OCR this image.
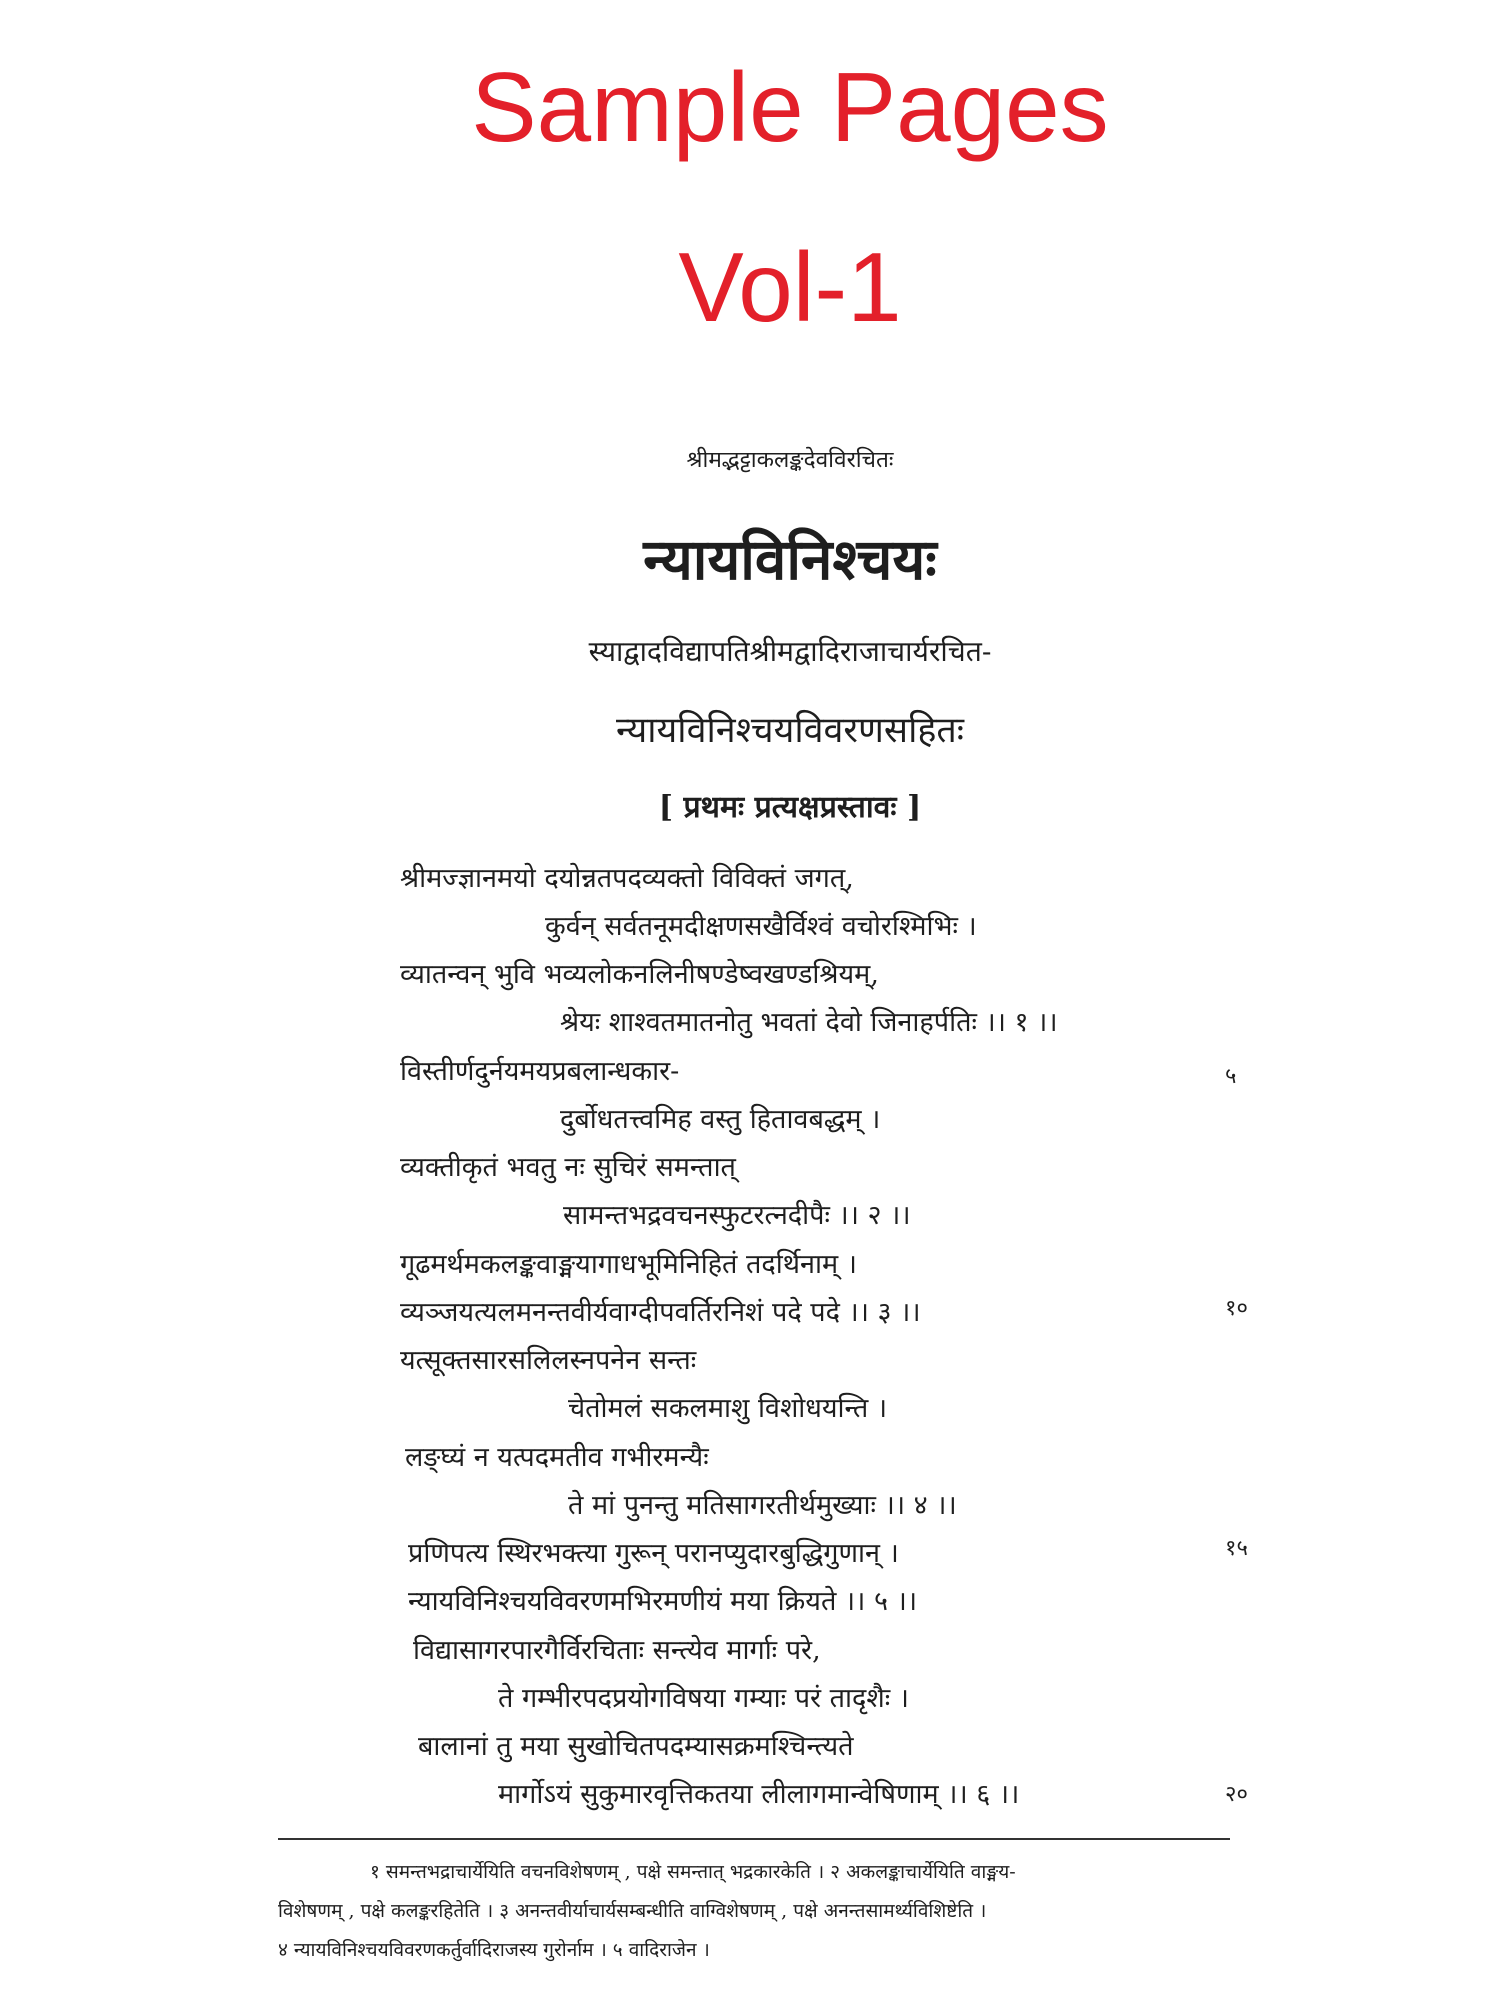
Sample Pages
Vol-1
श्रीमद्भट्टाकलङ्कदेवविरचितः
न्यायविनिश्चयः
स्याद्वादविद्यापतिश्रीमद्वादिराजाचार्यरचित-
न्यायविनिश्चयविवरणसहितः
[ प्रथमः प्रत्यक्षप्रस्तावः ]
श्रीमज्ज्ञानमयो दयोन्नतपदव्यक्तो विविक्तं जगत्,
कुर्वन् सर्वतनूमदीक्षणसखैर्विश्वं वचोरश्मिभिः ।
व्यातन्वन् भुवि भव्यलोकनलिनीषण्डेष्वखण्डश्रियम्,
श्रेयः शाश्वतमातनोतु भवतां देवो जिनाहर्पतिः ।। १ ।।
विस्तीर्णदुर्नयमयप्रबलान्धकार-
दुर्बोधतत्त्वमिह वस्तु हितावबद्धम् ।
व्यक्तीकृतं भवतु नः सुचिरं समन्तात्
सामन्तभद्रवचनस्फुटरत्नदीपैः ।। २ ।।
गूढमर्थमकलङ्कवाङ्मयागाधभूमिनिहितं तदर्थिनाम् ।
व्यञ्जयत्यलमनन्तवीर्यवाग्दीपवर्तिरनिशं पदे पदे ।। ३ ।।
यत्सूक्तसारसलिलस्नपनेन सन्तः
चेतोमलं सकलमाशु विशोधयन्ति ।
लङ्घ्यं न यत्पदमतीव गभीरमन्यैः
ते मां पुनन्तु मतिसागरतीर्थमुख्याः ।। ४ ।।
प्रणिपत्य स्थिरभक्त्या गुरून् परानप्युदारबुद्धिगुणान् ।
न्यायविनिश्चयविवरणमभिरमणीयं मया क्रियते ।। ५ ।।
विद्यासागरपारगैर्विरचिताः सन्त्येव मार्गाः परे,
ते गम्भीरपदप्रयोगविषया गम्याः परं तादृशैः ।
बालानां तु मया सुखोचितपदम्यासक्रमश्चिन्त्यते
मार्गोऽयं सुकुमारवृत्तिकतया लीलागमान्वेषिणाम् ।। ६ ।।
५
१०
१५
२०
१ समन्तभद्राचार्येयिति वचनविशेषणम् , पक्षे समन्तात् भद्रकारकेति । २ अकलङ्काचार्येयिति वाङ्मय-
विशेषणम् , पक्षे कलङ्करहितेति । ३ अनन्तवीर्याचार्यसम्बन्धीति वाग्विशेषणम् , पक्षे अनन्तसामर्थ्यविशिष्टेति ।
४ न्यायविनिश्चयविवरणकर्तुर्वादिराजस्य गुरोर्नाम । ५ वादिराजेन ।
